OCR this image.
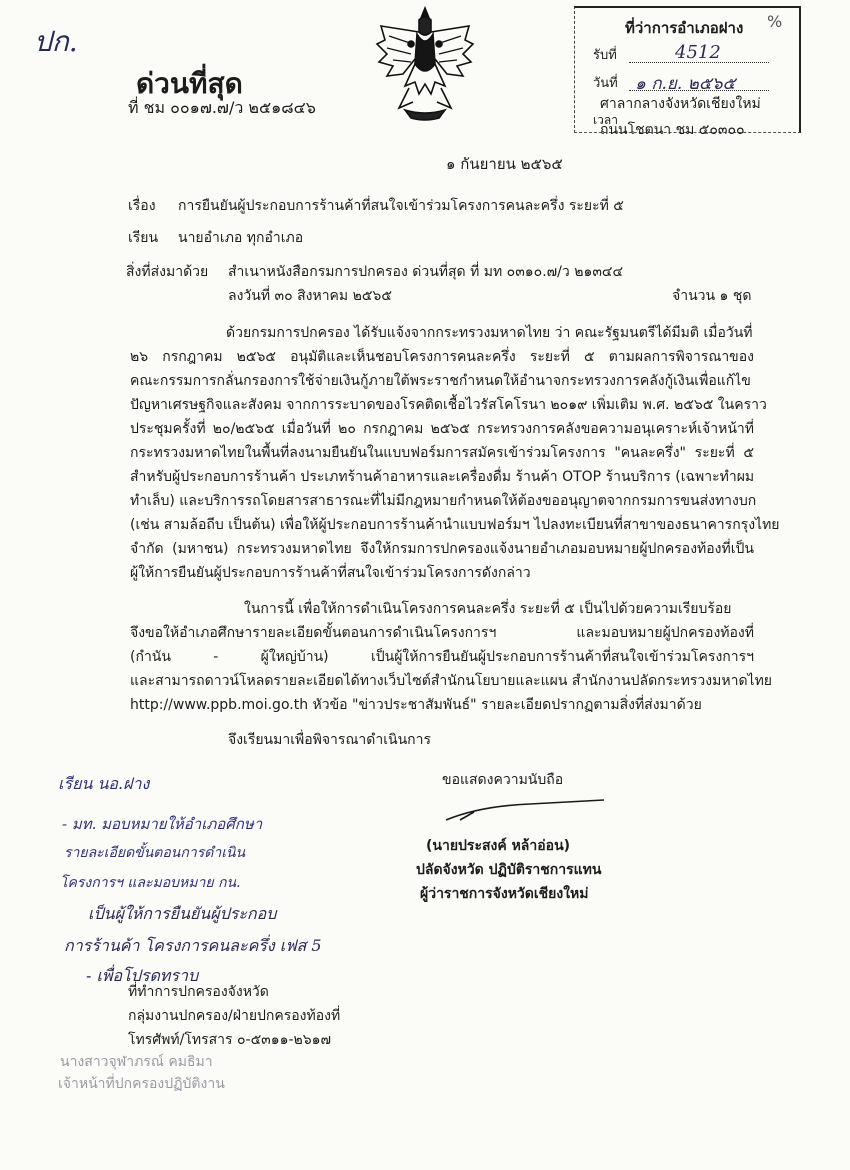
ปก.
ด่วนที่สุด
ที่ ชม ๐๐๑๗.๗/ว ๒๕๑๘๔๖
ที่ว่าการอำเภอฝาง %
รับที่	4512
วันที่ ๑ ก.ย. ๒๕๖๕
เวลา
ศาลากลางจังหวัดเชียงใหม่
ถนนโชตนา ชม ๕๐๓๐๐
๑ กันยายน ๒๕๖๕
เรื่อง การยืนยันผู้ประกอบการร้านค้าที่สนใจเข้าร่วมโครงการคนละครึ่ง ระยะที่ ๕
เรียน นายอำเภอ ทุกอำเภอ
สิ่งที่ส่งมาด้วย สำเนาหนังสือกรมการปกครอง ด่วนที่สุด ที่ มท ๐๓๑๐.๗/ว ๒๑๓๔๔
ลงวันที่ ๓๐ สิงหาคม ๒๕๖๕	จำนวน ๑ ชุด
ด้วยกรมการปกครอง ได้รับแจ้งจากกระทรวงมหาดไทย ว่า คณะรัฐมนตรีได้มีมติ เมื่อวันที่
๒๖ กรกฎาคม ๒๕๖๕ อนุมัติและเห็นชอบโครงการคนละครึ่ง ระยะที่ ๕ ตามผลการพิจารณาของ
คณะกรรมการกลั่นกรองการใช้จ่ายเงินกู้ภายใต้พระราชกำหนดให้อำนาจกระทรวงการคลังกู้เงินเพื่อแก้ไข
ปัญหาเศรษฐกิจและสังคม จากการระบาดของโรคติดเชื้อไวรัสโคโรนา ๒๐๑๙ เพิ่มเติม พ.ศ. ๒๕๖๕ ในคราว
ประชุมครั้งที่ ๒๐/๒๕๖๕ เมื่อวันที่ ๒๐ กรกฎาคม ๒๕๖๕ กระทรวงการคลังขอความอนุเคราะห์เจ้าหน้าที่
กระทรวงมหาดไทยในพื้นที่ลงนามยืนยันในแบบฟอร์มการสมัครเข้าร่วมโครงการ "คนละครึ่ง" ระยะที่ ๕
สำหรับผู้ประกอบการร้านค้า ประเภทร้านค้าอาหารและเครื่องดื่ม ร้านค้า OTOP ร้านบริการ (เฉพาะทำผม
ทำเล็บ) และบริการรถโดยสารสาธารณะที่ไม่มีกฎหมายกำหนดให้ต้องขออนุญาตจากกรมการขนส่งทางบก
(เช่น สามล้อถีบ เป็นต้น) เพื่อให้ผู้ประกอบการร้านค้านำแบบฟอร์มฯ ไปลงทะเบียนที่สาขาของธนาคารกรุงไทย
จำกัด (มหาชน) กระทรวงมหาดไทย จึงให้กรมการปกครองแจ้งนายอำเภอมอบหมายผู้ปกครองท้องที่เป็น
ผู้ให้การยืนยันผู้ประกอบการร้านค้าที่สนใจเข้าร่วมโครงการดังกล่าว
ในการนี้ เพื่อให้การดำเนินโครงการคนละครึ่ง ระยะที่ ๕ เป็นไปด้วยความเรียบร้อย
จึงขอให้อำเภอศึกษารายละเอียดขั้นตอนการดำเนินโครงการฯ และมอบหมายผู้ปกครองท้องที่
(กำนัน - ผู้ใหญ่บ้าน) เป็นผู้ให้การยืนยันผู้ประกอบการร้านค้าที่สนใจเข้าร่วมโครงการฯ
และสามารถดาวน์โหลดรายละเอียดได้ทางเว็บไซต์สำนักนโยบายและแผน สำนักงานปลัดกระทรวงมหาดไทย
http://www.ppb.moi.go.th หัวข้อ "ข่าวประชาสัมพันธ์" รายละเอียดปรากฏตามสิ่งที่ส่งมาด้วย
จึงเรียนมาเพื่อพิจารณาดำเนินการ
ขอแสดงความนับถือ
(นายประสงค์ หล้าอ่อน)
ปลัดจังหวัด ปฏิบัติราชการแทน
ผู้ว่าราชการจังหวัดเชียงใหม่
เรียน นอ.ฝาง
- มท. มอบหมายให้อำเภอศึกษา
รายละเอียดขั้นตอนการดำเนิน
โครงการฯ และมอบหมาย กน.
เป็นผู้ให้การยืนยันผู้ประกอบ
การร้านค้า โครงการคนละครึ่ง เฟส 5
- เพื่อโปรดทราบ
ที่ทำการปกครองจังหวัด
กลุ่มงานปกครอง/ฝ่ายปกครองท้องที่
โทรศัพท์/โทรสาร ๐-๕๓๑๑-๒๖๑๗
นางสาวจุฬาภรณ์ คมธิมา
เจ้าหน้าที่ปกครองปฏิบัติงาน
